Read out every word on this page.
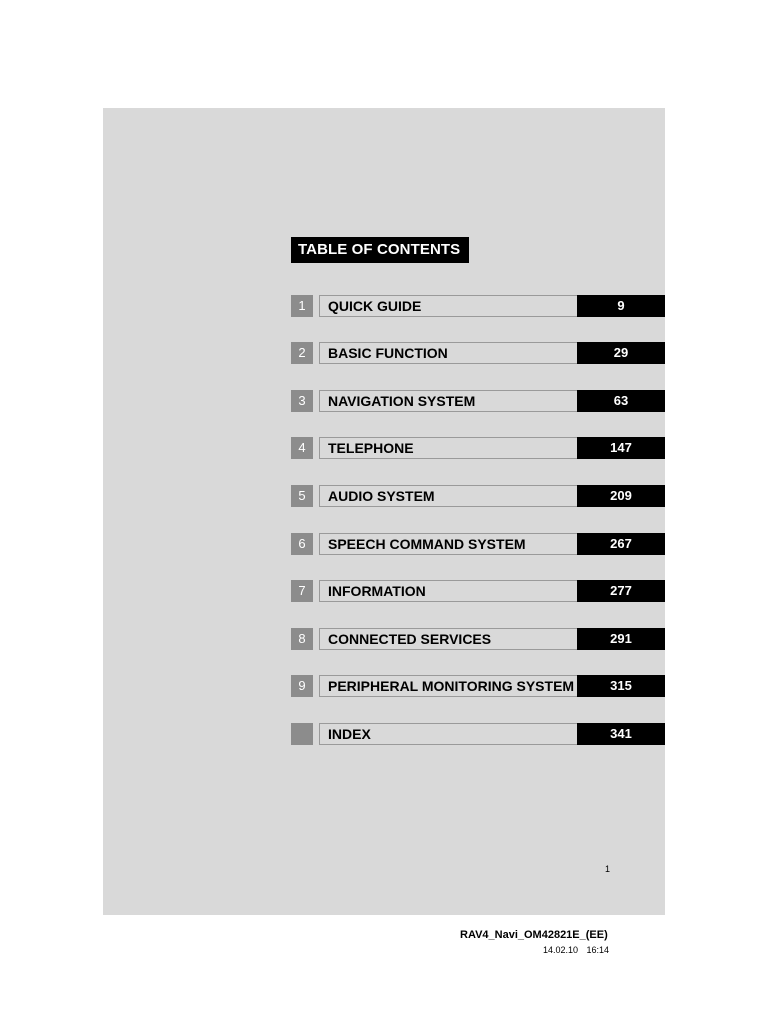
TABLE OF CONTENTS
1	QUICK GUIDE	9
2	BASIC FUNCTION	29
3	NAVIGATION SYSTEM	63
4	TELEPHONE	147
5	AUDIO SYSTEM	209
6	SPEECH COMMAND SYSTEM	267
7	INFORMATION	277
8	CONNECTED SERVICES	291
9	PERIPHERAL MONITORING SYSTEM	315
INDEX	341
1
RAV4_Navi_OM42821E_(EE)
14.02.10 16:14
